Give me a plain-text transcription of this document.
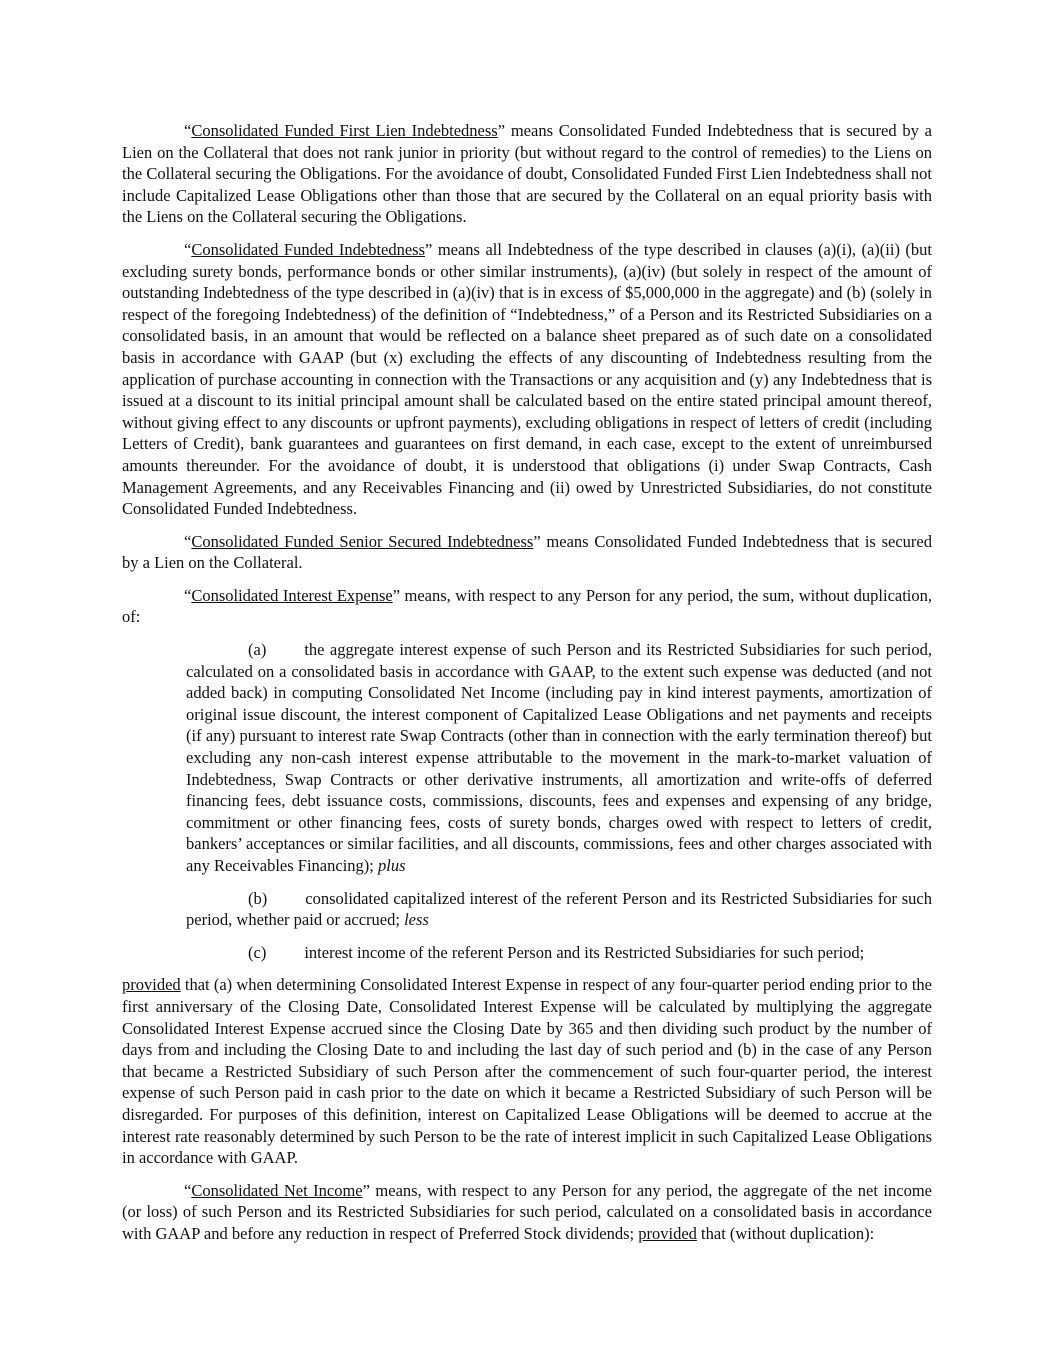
“Consolidated Funded First Lien Indebtedness” means Consolidated Funded Indebtedness that is secured by a Lien on the Collateral that does not rank junior in priority (but without regard to the control of remedies) to the Liens on the Collateral securing the Obligations. For the avoidance of doubt, Consolidated Funded First Lien Indebtedness shall not include Capitalized Lease Obligations other than those that are secured by the Collateral on an equal priority basis with the Liens on the Collateral securing the Obligations.

“Consolidated Funded Indebtedness” means all Indebtedness of the type described in clauses (a)(i), (a)(ii) (but excluding surety bonds, performance bonds or other similar instruments), (a)(iv) (but solely in respect of the amount of outstanding Indebtedness of the type described in (a)(iv) that is in excess of $5,000,000 in the aggregate) and (b) (solely in respect of the foregoing Indebtedness) of the definition of “Indebtedness,” of a Person and its Restricted Subsidiaries on a consolidated basis, in an amount that would be reflected on a balance sheet prepared as of such date on a consolidated basis in accordance with GAAP (but (x) excluding the effects of any discounting of Indebtedness resulting from the application of purchase accounting in connection with the Transactions or any acquisition and (y) any Indebtedness that is issued at a discount to its initial principal amount shall be calculated based on the entire stated principal amount thereof, without giving effect to any discounts or upfront payments), excluding obligations in respect of letters of credit (including Letters of Credit), bank guarantees and guarantees on first demand, in each case, except to the extent of unreimbursed amounts thereunder. For the avoidance of doubt, it is understood that obligations (i) under Swap Contracts, Cash Management Agreements, and any Receivables Financing and (ii) owed by Unrestricted Subsidiaries, do not constitute Consolidated Funded Indebtedness.

“Consolidated Funded Senior Secured Indebtedness” means Consolidated Funded Indebtedness that is secured by a Lien on the Collateral.

“Consolidated Interest Expense” means, with respect to any Person for any period, the sum, without duplication, of:

(a) the aggregate interest expense of such Person and its Restricted Subsidiaries for such period, calculated on a consolidated basis in accordance with GAAP, to the extent such expense was deducted (and not added back) in computing Consolidated Net Income (including pay in kind interest payments, amortization of original issue discount, the interest component of Capitalized Lease Obligations and net payments and receipts (if any) pursuant to interest rate Swap Contracts (other than in connection with the early termination thereof) but excluding any non-cash interest expense attributable to the movement in the mark-to-market valuation of Indebtedness, Swap Contracts or other derivative instruments, all amortization and write-offs of deferred financing fees, debt issuance costs, commissions, discounts, fees and expenses and expensing of any bridge, commitment or other financing fees, costs of surety bonds, charges owed with respect to letters of credit, bankers’ acceptances or similar facilities, and all discounts, commissions, fees and other charges associated with any Receivables Financing); plus

(b) consolidated capitalized interest of the referent Person and its Restricted Subsidiaries for such period, whether paid or accrued; less

(c) interest income of the referent Person and its Restricted Subsidiaries for such period;

provided that (a) when determining Consolidated Interest Expense in respect of any four-quarter period ending prior to the first anniversary of the Closing Date, Consolidated Interest Expense will be calculated by multiplying the aggregate Consolidated Interest Expense accrued since the Closing Date by 365 and then dividing such product by the number of days from and including the Closing Date to and including the last day of such period and (b) in the case of any Person that became a Restricted Subsidiary of such Person after the commencement of such four-quarter period, the interest expense of such Person paid in cash prior to the date on which it became a Restricted Subsidiary of such Person will be disregarded. For purposes of this definition, interest on Capitalized Lease Obligations will be deemed to accrue at the interest rate reasonably determined by such Person to be the rate of interest implicit in such Capitalized Lease Obligations in accordance with GAAP.

“Consolidated Net Income” means, with respect to any Person for any period, the aggregate of the net income (or loss) of such Person and its Restricted Subsidiaries for such period, calculated on a consolidated basis in accordance with GAAP and before any reduction in respect of Preferred Stock dividends; provided that (without duplication):
